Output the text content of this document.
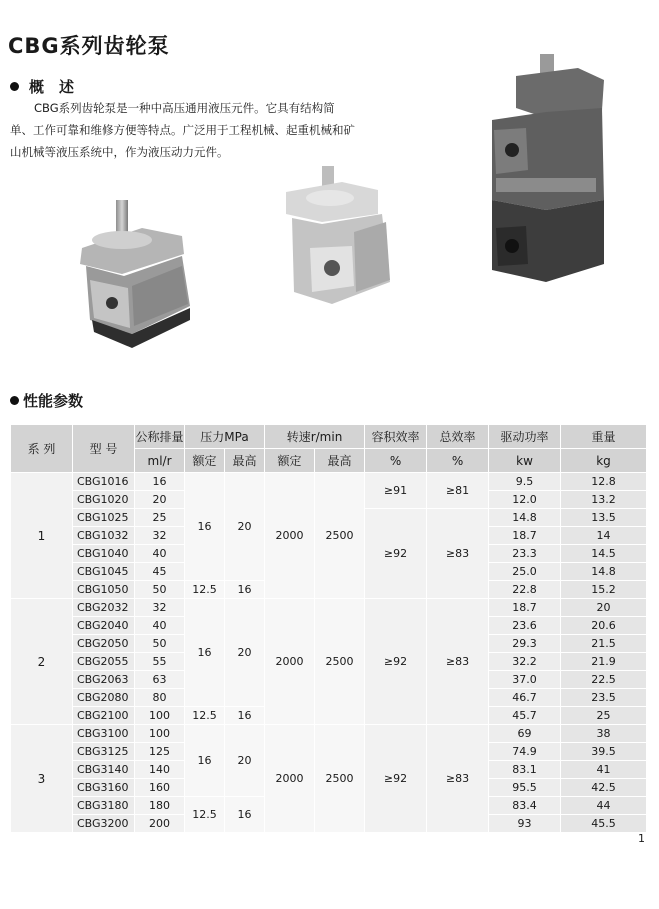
CBG系列齿轮泵
概　述
CBG系列齿轮泵是一种中高压通用液压元件。它具有结构简单、工作可靠和维修方便等特点。广泛用于工程机械、起重机械和矿山机械等液压系统中，作为液压动力元件。
性能参数
系 列	型 号	公称排量	压力MPa		转速r/min		容积效率	总效率	驱动功率	重量
		ml/r	额定	最高	额定	最高	%	%	kw	kg
1	CBG1016	16	16	20	2000	2500	≥91	≥81	9.5	12.8
	CBG1020	20							12.0	13.2
	CBG1025	25					≥92	≥83	14.8	13.5
	CBG1032	32							18.7	14
	CBG1040	40							23.3	14.5
	CBG1045	45							25.0	14.8
	CBG1050	50	12.5	16					22.8	15.2
2	CBG2032	32	16	20	2000	2500	≥92	≥83	18.7	20
	CBG2040	40							23.6	20.6
	CBG2050	50							29.3	21.5
	CBG2055	55							32.2	21.9
	CBG2063	63							37.0	22.5
	CBG2080	80							46.7	23.5
	CBG2100	100	12.5	16					45.7	25
3	CBG3100	100	16	20	2000	2500	≥92	≥83	69	38
	CBG3125	125							74.9	39.5
	CBG3140	140							83.1	41
	CBG3160	160							95.5	42.5
	CBG3180	180	12.5	16					83.4	44
	CBG3200	200							93	45.5
1
